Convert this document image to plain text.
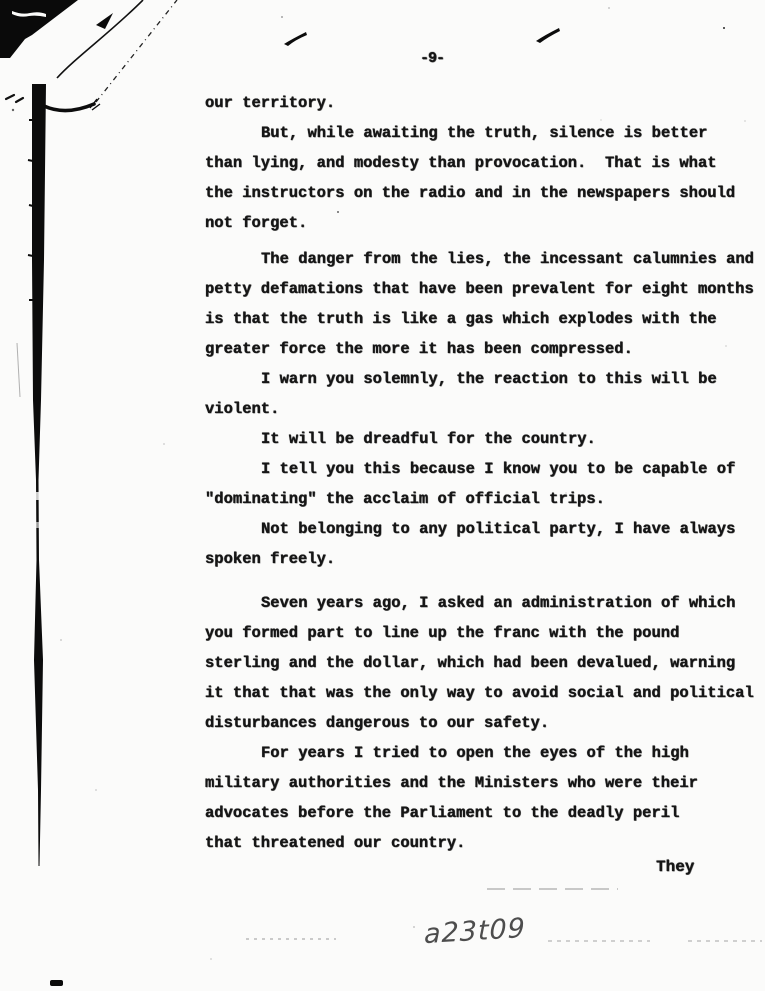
-9-
our territory.
But, while awaiting the truth, silence is better
than lying, and modesty than provocation.  That is what
the instructors on the radio and in the newspapers should
not forget.
The danger from the lies, the incessant calumnies and
petty defamations that have been prevalent for eight months
is that the truth is like a gas which explodes with the
greater force the more it has been compressed.
I warn you solemnly, the reaction to this will be
violent.
It will be dreadful for the country.
I tell you this because I know you to be capable of
"dominating" the acclaim of official trips.
Not belonging to any political party, I have always
spoken freely.
Seven years ago, I asked an administration of which
you formed part to line up the franc with the pound
sterling and the dollar, which had been devalued, warning
it that that was the only way to avoid social and political
disturbances dangerous to our safety.
For years I tried to open the eyes of the high
military authorities and the Ministers who were their
advocates before the Parliament to the deadly peril
that threatened our country.
They
a23t09
